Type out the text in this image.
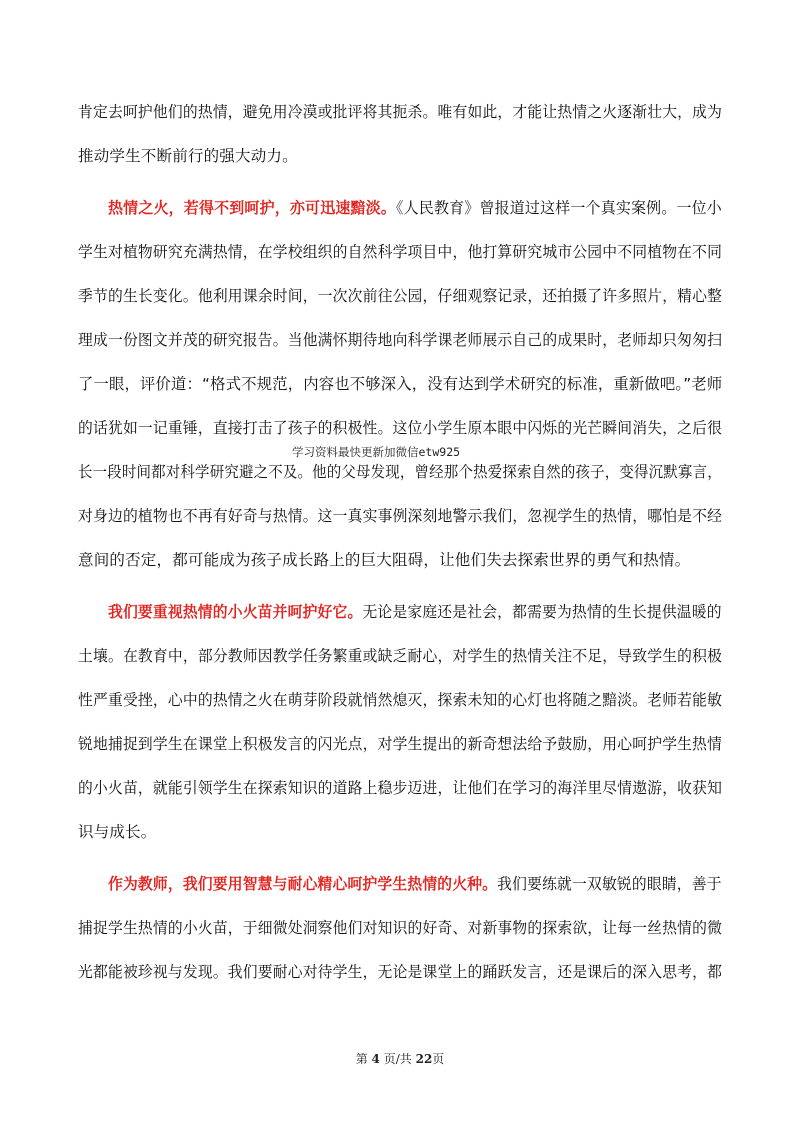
肯定去呵护他们的热情，避免用冷漠或批评将其扼杀。唯有如此，才能让热情之火逐渐壮大，成为
推动学生不断前行的强大动力。
热情之火，若得不到呵护，亦可迅速黯淡。《人民教育》曾报道过这样一个真实案例。一位小
学生对植物研究充满热情，在学校组织的自然科学项目中，他打算研究城市公园中不同植物在不同
季节的生长变化。他利用课余时间，一次次前往公园，仔细观察记录，还拍摄了许多照片，精心整
理成一份图文并茂的研究报告。当他满怀期待地向科学课老师展示自己的成果时，老师却只匆匆扫
了一眼，评价道：“格式不规范，内容也不够深入，没有达到学术研究的标准，重新做吧。”老师
的话犹如一记重锤，直接打击了孩子的积极性。这位小学生原本眼中闪烁的光芒瞬间消失，之后很
学习资料最快更新加微信etw925
长一段时间都对科学研究避之不及。他的父母发现，曾经那个热爱探索自然的孩子，变得沉默寡言，
对身边的植物也不再有好奇与热情。这一真实事例深刻地警示我们，忽视学生的热情，哪怕是不经
意间的否定，都可能成为孩子成长路上的巨大阻碍，让他们失去探索世界的勇气和热情。
我们要重视热情的小火苗并呵护好它。无论是家庭还是社会，都需要为热情的生长提供温暖的
土壤。在教育中，部分教师因教学任务繁重或缺乏耐心，对学生的热情关注不足，导致学生的积极
性严重受挫，心中的热情之火在萌芽阶段就悄然熄灭，探索未知的心灯也将随之黯淡。老师若能敏
锐地捕捉到学生在课堂上积极发言的闪光点，对学生提出的新奇想法给予鼓励，用心呵护学生热情
的小火苗，就能引领学生在探索知识的道路上稳步迈进，让他们在学习的海洋里尽情遨游，收获知
识与成长。
作为教师，我们要用智慧与耐心精心呵护学生热情的火种。我们要练就一双敏锐的眼睛，善于
捕捉学生热情的小火苗，于细微处洞察他们对知识的好奇、对新事物的探索欲，让每一丝热情的微
光都能被珍视与发现。我们要耐心对待学生，无论是课堂上的踊跃发言，还是课后的深入思考，都
第 4 页/共 22页
